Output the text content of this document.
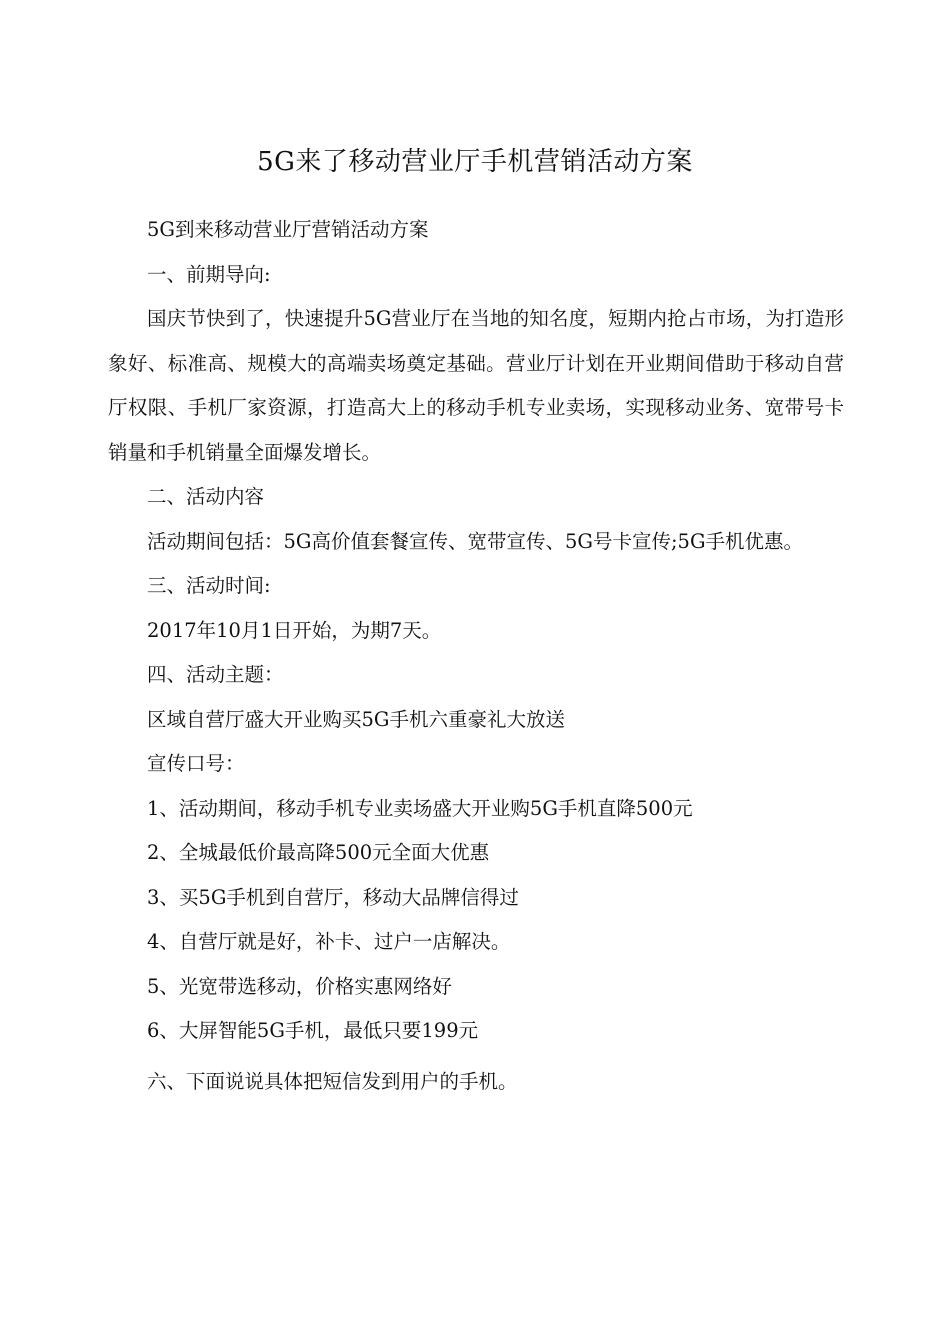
5G来了移动营业厅手机营销活动方案

5G到来移动营业厅营销活动方案

一、前期导向:

国庆节快到了，快速提升5G营业厅在当地的知名度，短期内抢占市场，为打造形象好、标准高、规模大的高端卖场奠定基础。营业厅计划在开业期间借助于移动自营厅权限、手机厂家资源，打造高大上的移动手机专业卖场，实现移动业务、宽带号卡销量和手机销量全面爆发增长。

二、活动内容

活动期间包括：5G高价值套餐宣传、宽带宣传、5G号卡宣传;5G手机优惠。

三、活动时间:

2017年10月1日开始，为期7天。

四、活动主题：

区域自营厅盛大开业购买5G手机六重豪礼大放送

宣传口号：

1、活动期间，移动手机专业卖场盛大开业购5G手机直降500元

2、全城最低价最高降500元全面大优惠

3、买5G手机到自营厅，移动大品牌信得过

4、自营厅就是好，补卡、过户一店解决。

5、光宽带选移动，价格实惠网络好

6、大屏智能5G手机，最低只要199元

六、下面说说具体把短信发到用户的手机。
